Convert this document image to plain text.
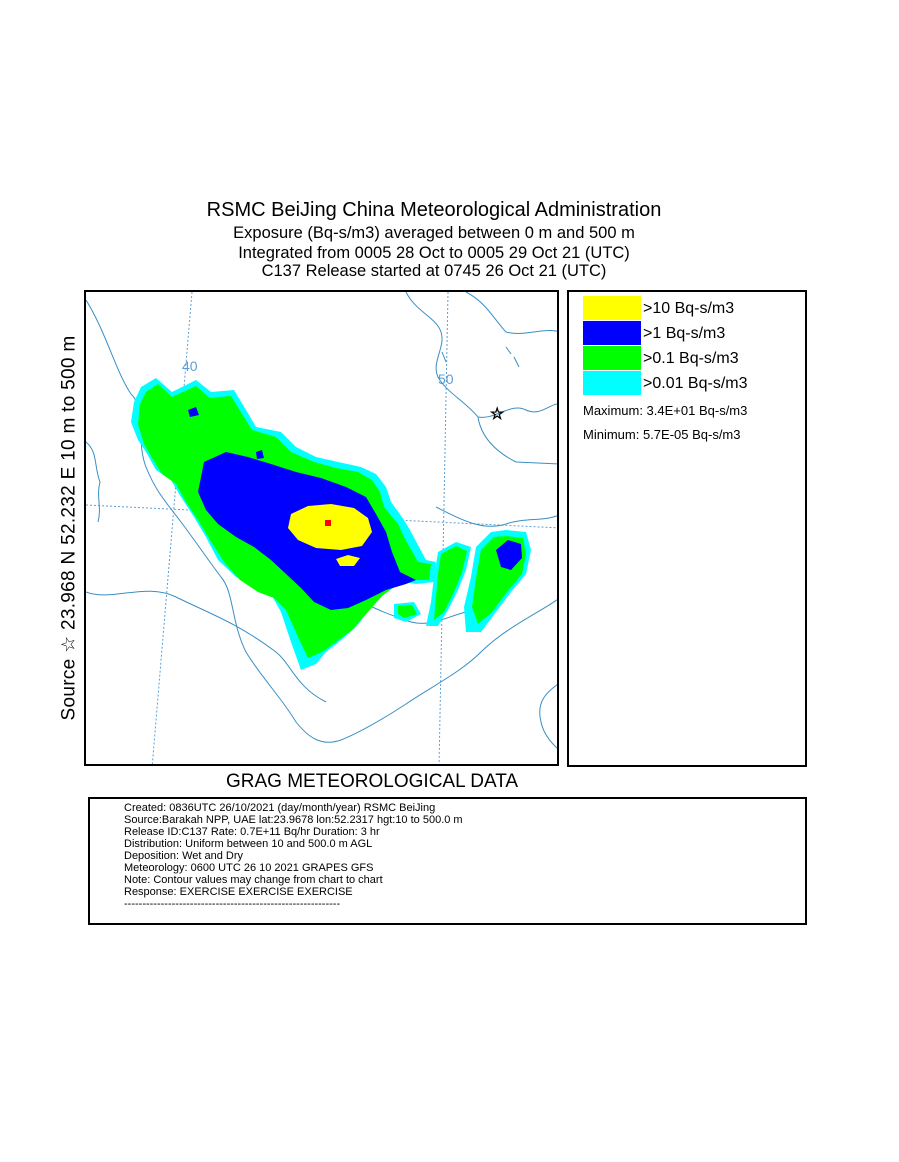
RSMC BeiJing China Meteorological Administration
Exposure (Bq-s/m3) averaged between 0 m and 500 m
Integrated from 0005 28 Oct to 0005 29 Oct 21 (UTC)
C137 Release started at 0745 26 Oct 21 (UTC)
Source ☆ 23.968 N 52.232 E 10 m to 500 m	40
50
☆
>10 Bq-s/m3
>1 Bq-s/m3
>0.1 Bq-s/m3
>0.01 Bq-s/m3
Maximum: 3.4E+01 Bq-s/m3
Minimum: 5.7E-05 Bq-s/m3
GRAG METEOROLOGICAL DATA
Created: 0836UTC 26/10/2021 (day/month/year) RSMC BeiJing
Source:Barakah NPP, UAE lat:23.9678 lon:52.2317 hgt:10 to 500.0 m
Release ID:C137 Rate: 0.7E+11 Bq/hr Duration: 3 hr
Distribution: Uniform between 10 and 500.0 m AGL
Deposition: Wet and Dry
Meteorology: 0600 UTC 26 10 2021 GRAPES GFS
Note: Contour values may change from chart to chart
Response: EXERCISE EXERCISE EXERCISE
-----------------------------------------------------------
